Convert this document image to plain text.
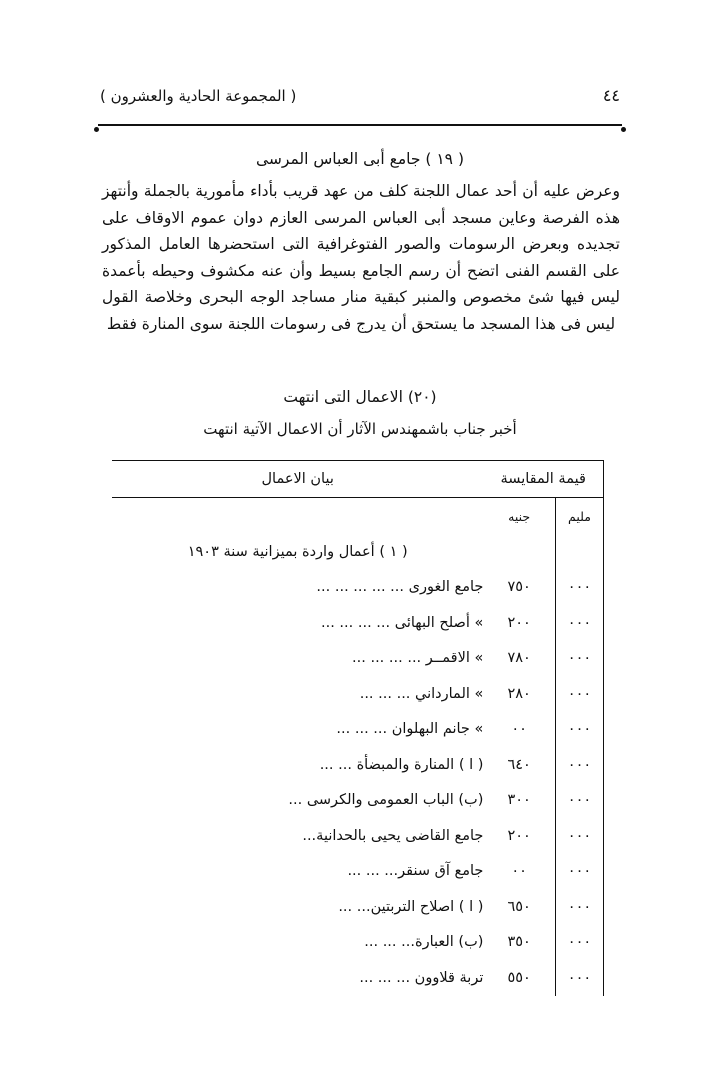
٤٤
( المجموعة الحادية والعشرون )
( ١٩ ) جامع أبى العباس المرسى

وعرض عليه أن أحد عمال اللجنة كلف من عهد قريب بأداء مأمورية بالجملة وأنتهز هذه الفرصة وعاين مسجد أبى العباس المرسى العازم دوان عموم الاوقاف على تجديده وبعرض الرسومات والصور الفتوغرافية التى استحضرها العامل المذكور على القسم الفنى اتضح أن رسم الجامع بسيط وأن عنه مكشوف وحيطه بأعمدة ليس فيها شئ مخصوص والمنبر كبقية منار مساجد الوجه البحرى وخلاصة القول ليس فى هذا المسجد ما يستحق أن يدرج فى رسومات اللجنة سوى المنارة فقط

(٢٠) الاعمال التى انتهت
أخبر جناب باشمهندس الآثار أن الاعمال الآتية انتهت
قيمة المقايسة		بيان الاعمال
مليم	جنيه	
		( ١ ) أعمال واردة بميزانية سنة ١٩٠٣
٠٠٠	٧٥٠	جامع الغورى ... ... ... ... ...
٠٠٠	٢٠٠	» أصلح البهائى ... ... ... ...
٠٠٠	٧٨٠	» الاقمــر ... ... ... ...
٠٠٠	٢٨٠	» المارداني ... ... ...
٠٠٠	٠٠	» جانم البهلوان ... ... ...
٠٠٠	٦٤٠	( ا ) المنارة والمبضأة ... ...
٠٠٠	٣٠٠	(ب) الباب العمومى والكرسى ...
٠٠٠	٢٠٠	جامع القاضى يحيى بالحدانية...
٠٠٠	٠٠	جامع آق سنقر... ... ...
٠٠٠	٦٥٠	( ا ) اصلاح التربتين... ...
٠٠٠	٣٥٠	(ب) العبارة... ... ...
٠٠٠	٥٥٠	تربة قلاوون ... ... ...
